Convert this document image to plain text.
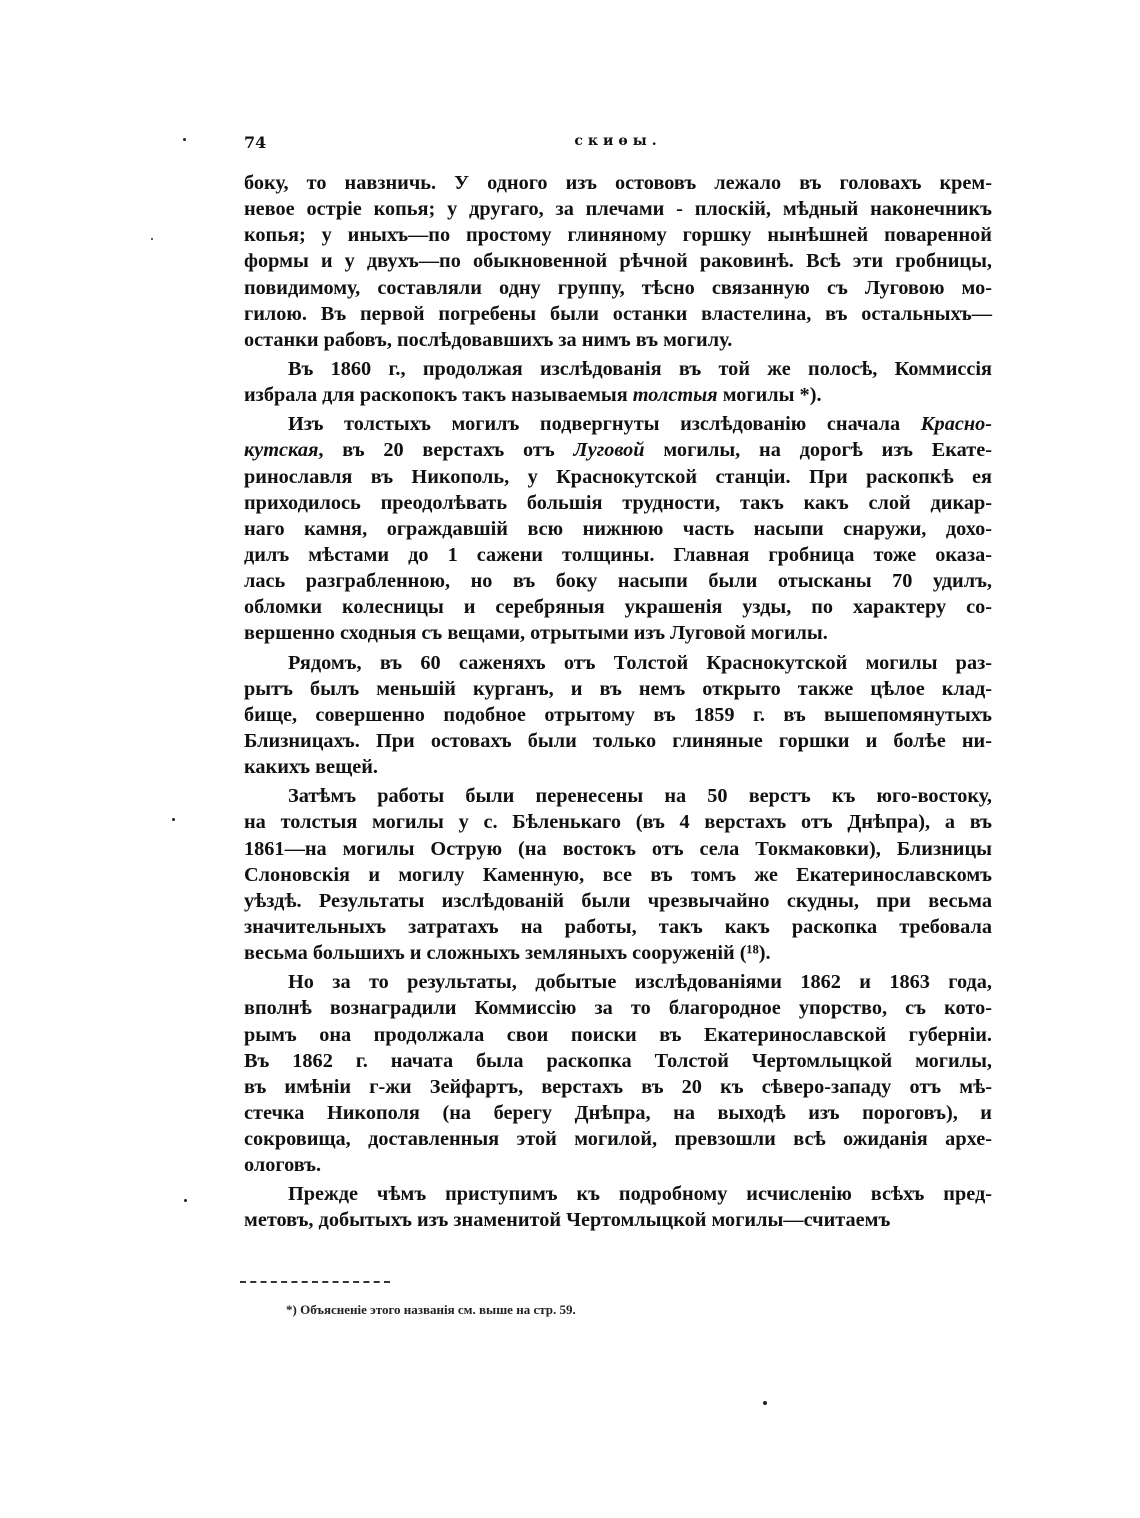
74	скиөы.
боку, то навзничь. У одного изъ остововъ лежало въ головахъ крем-
невое остріе копья; у другаго, за плечами - плоскій, мѣдный наконечникъ
копья; у иныхъ—по простому глиняному горшку нынѣшней поваренной
формы и у двухъ—по обыкновенной рѣчной раковинѣ. Всѣ эти гробницы,
повидимому, составляли одну группу, тѣсно связанную съ Луговою мо-
гилою. Въ первой погребены были останки властелина, въ остальныхъ—
останки рабовъ, послѣдовавшихъ за нимъ въ могилу.
Въ 1860 г., продолжая изслѣдованія въ той же полосѣ, Коммиссія
избрала для раскопокъ такъ называемыя толстыя могилы *).
Изъ толстыхъ могилъ подвергнуты изслѣдованію сначала Красно-
кутская, въ 20 верстахъ отъ Луговой могилы, на дорогѣ изъ Екате-
ринославля въ Никополь, у Краснокутской станціи. При раскопкѣ ея
приходилось преодолѣвать большія трудности, такъ какъ слой дикар-
наго камня, ограждавшій всю нижнюю часть насыпи снаружи, дохо-
дилъ мѣстами до 1 сажени толщины. Главная гробница тоже оказа-
лась разграбленною, но въ боку насыпи были отысканы 70 удилъ,
обломки колесницы и серебряныя украшенія узды, по характеру со-
вершенно сходныя съ вещами, отрытыми изъ Луговой могилы.
Рядомъ, въ 60 саженяхъ отъ Толстой Краснокутской могилы раз-
рытъ былъ меньшій курганъ, и въ немъ открыто также цѣлое клад-
бище, совершенно подобное отрытому въ 1859 г. въ вышепомянутыхъ
Близницахъ. При остовахъ были только глиняные горшки и болѣе ни-
какихъ вещей.
Затѣмъ работы были перенесены на 50 верстъ къ юго-востоку,
на толстыя могилы у с. Бѣленькаго (въ 4 верстахъ отъ Днѣпра), а въ
1861—на могилы Острую (на востокъ отъ села Токмаковки), Близницы
Слоновскія и могилу Каменную, все въ томъ же Екатеринославскомъ
уѣздѣ. Результаты изслѣдованій были чрезвычайно скудны, при весьма
значительныхъ затратахъ на работы, такъ какъ раскопка требовала
весьма большихъ и сложныхъ земляныхъ сооруженій (¹⁸).
Но за то результаты, добытые изслѣдованіями 1862 и 1863 года,
вполнѣ вознаградили Коммиссію за то благородное упорство, съ кото-
рымъ она продолжала свои поиски въ Екатеринославской губерніи.
Въ 1862 г. начата была раскопка Толстой Чертомлыцкой могилы,
въ имѣніи г-жи Зейфартъ, верстахъ въ 20 къ сѣверо-западу отъ мѣ-
стечка Никополя (на берегу Днѣпра, на выходѣ изъ пороговъ), и
сокровища, доставленныя этой могилой, превзошли всѣ ожиданія архе-
ологовъ.
Прежде чѣмъ приступимъ къ подробному исчисленію всѣхъ пред-
метовъ, добытыхъ изъ знаменитой Чертомлыцкой могилы—считаемъ
*) Объясненіе этого названія см. выше на стр. 59.
